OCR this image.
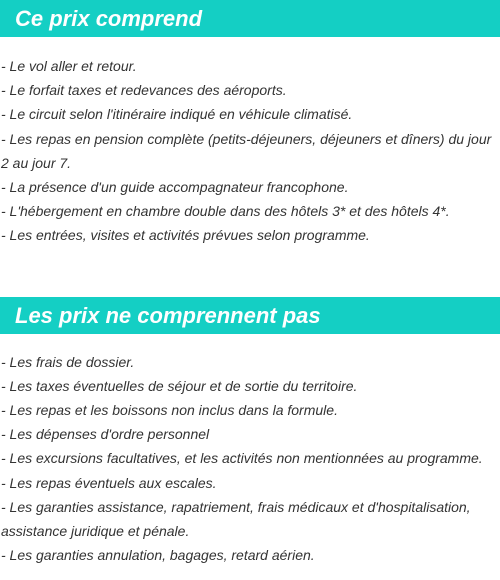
Ce prix comprend
- Le vol aller et retour.
- Le forfait taxes et redevances des aéroports.
- Le circuit selon l'itinéraire indiqué en véhicule climatisé.
- Les repas en pension complète (petits-déjeuners, déjeuners et dîners) du jour 2 au jour 7.
- La présence d'un guide accompagnateur francophone.
- L'hébergement en chambre double dans des hôtels 3* et des hôtels 4*.
- Les entrées, visites et activités prévues selon programme.
Les prix ne comprennent pas
- Les frais de dossier.
- Les taxes éventuelles de séjour et de sortie du territoire.
- Les repas et les boissons non inclus dans la formule.
- Les dépenses d'ordre personnel
- Les excursions facultatives, et les activités non mentionnées au programme.
- Les repas éventuels aux escales.
- Les garanties assistance, rapatriement, frais médicaux et d'hospitalisation, assistance juridique et pénale.
- Les garanties annulation, bagages, retard aérien.
